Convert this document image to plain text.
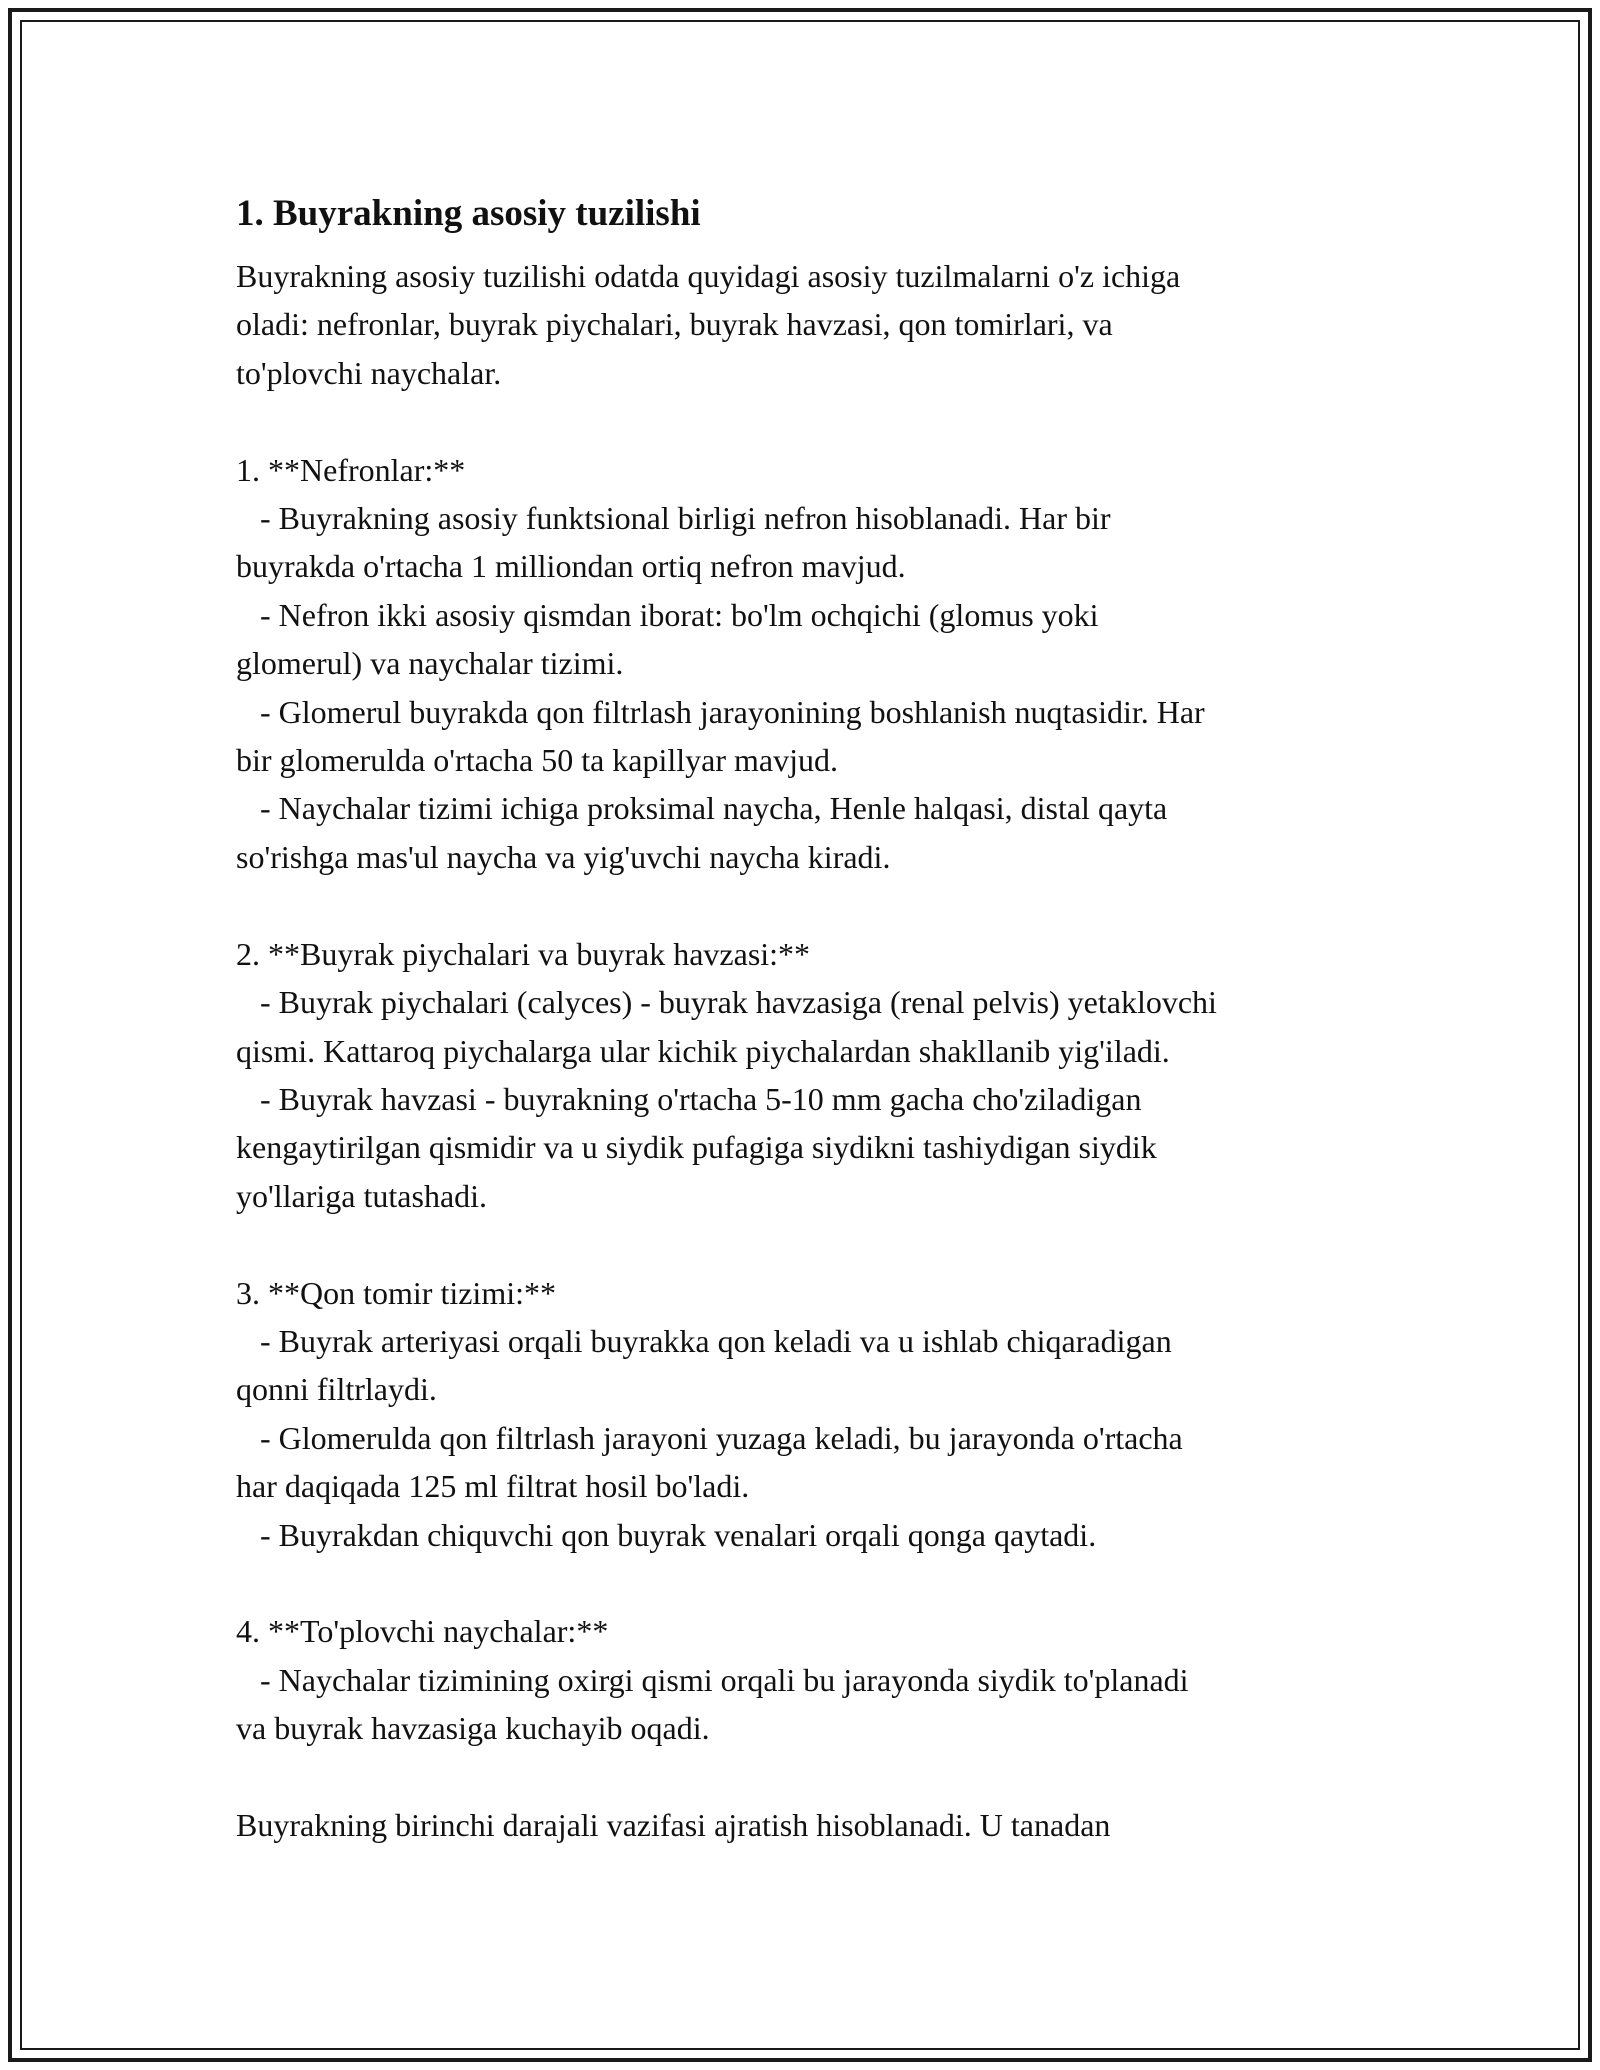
1. Buyrakning asosiy tuzilishi

Buyrakning asosiy tuzilishi odatda quyidagi asosiy tuzilmalarni o'z ichiga
oladi: nefronlar, buyrak piychalari, buyrak havzasi, qon tomirlari, va
to'plovchi naychalar.

1. **Nefronlar:**
- Buyrakning asosiy funktsional birligi nefron hisoblanadi. Har bir
buyrakda o'rtacha 1 milliondan ortiq nefron mavjud.
- Nefron ikki asosiy qismdan iborat: bo'lm ochqichi (glomus yoki
glomerul) va naychalar tizimi.
- Glomerul buyrakda qon filtrlash jarayonining boshlanish nuqtasidir. Har
bir glomerulda o'rtacha 50 ta kapillyar mavjud.
- Naychalar tizimi ichiga proksimal naycha, Henle halqasi, distal qayta
so'rishga mas'ul naycha va yig'uvchi naycha kiradi.

2. **Buyrak piychalari va buyrak havzasi:**
- Buyrak piychalari (calyces) - buyrak havzasiga (renal pelvis) yetaklovchi
qismi. Kattaroq piychalarga ular kichik piychalardan shakllanib yig'iladi.
- Buyrak havzasi - buyrakning o'rtacha 5-10 mm gacha cho'ziladigan
kengaytirilgan qismidir va u siydik pufagiga siydikni tashiydigan siydik
yo'llariga tutashadi.

3. **Qon tomir tizimi:**
- Buyrak arteriyasi orqali buyrakka qon keladi va u ishlab chiqaradigan
qonni filtrlaydi.
- Glomerulda qon filtrlash jarayoni yuzaga keladi, bu jarayonda o'rtacha
har daqiqada 125 ml filtrat hosil bo'ladi.
- Buyrakdan chiquvchi qon buyrak venalari orqali qonga qaytadi.

4. **To'plovchi naychalar:**
- Naychalar tizimining oxirgi qismi orqali bu jarayonda siydik to'planadi
va buyrak havzasiga kuchayib oqadi.

Buyrakning birinchi darajali vazifasi ajratish hisoblanadi. U tanadan
